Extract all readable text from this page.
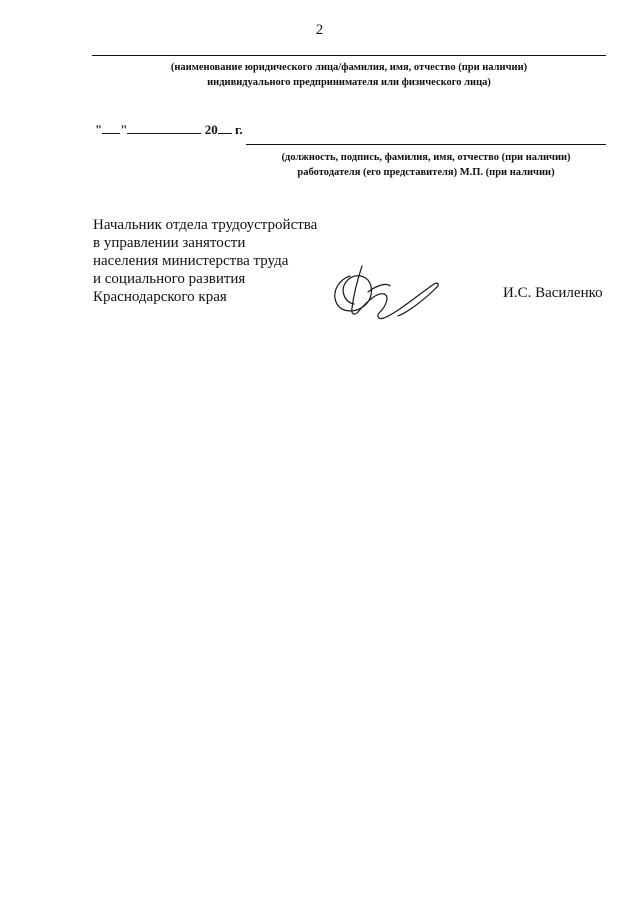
2
(наименование юридического лица/фамилия, имя, отчество (при наличии)
индивидуального предпринимателя или физического лица)
" "	20 г.
(должность, подпись, фамилия, имя, отчество (при наличии)
работодателя (его представителя) М.П. (при наличии)
Начальник отдела трудоустройства
в управлении занятости
населения министерства труда
и социального развития
Краснодарского края	И.С. Василенко
